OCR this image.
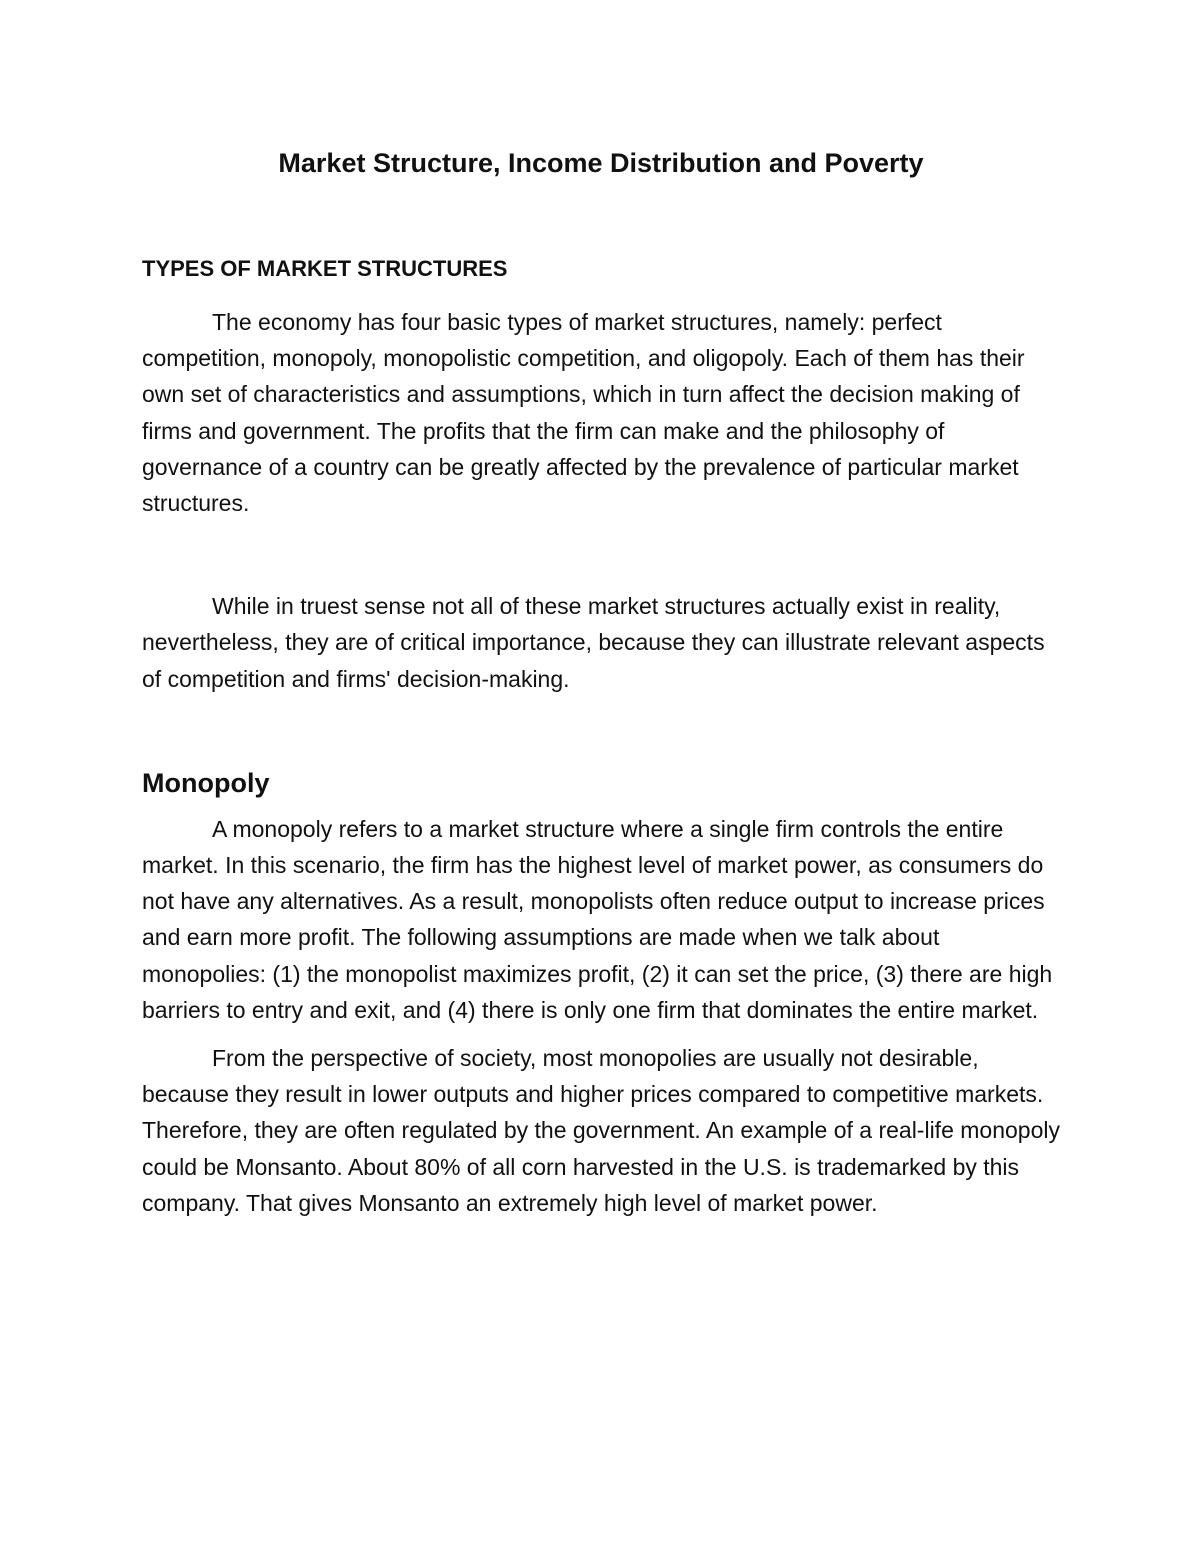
Market Structure, Income Distribution and Poverty
TYPES OF MARKET STRUCTURES

The economy has four basic types of market structures, namely: perfect competition, monopoly, monopolistic competition, and oligopoly. Each of them has their own set of characteristics and assumptions, which in turn affect the decision making of firms and government. The profits that the firm can make and the philosophy of governance of a country can be greatly affected by the prevalence of particular market structures.

While in truest sense not all of these market structures actually exist in reality, nevertheless, they are of critical importance, because they can illustrate relevant aspects of competition and firms' decision-making.

Monopoly

A monopoly refers to a market structure where a single firm controls the entire market. In this scenario, the firm has the highest level of market power, as consumers do not have any alternatives. As a result, monopolists often reduce output to increase prices and earn more profit. The following assumptions are made when we talk about monopolies: (1) the monopolist maximizes profit, (2) it can set the price, (3) there are high barriers to entry and exit, and (4) there is only one firm that dominates the entire market.

From the perspective of society, most monopolies are usually not desirable, because they result in lower outputs and higher prices compared to competitive markets. Therefore, they are often regulated by the government. An example of a real-life monopoly could be Monsanto. About 80% of all corn harvested in the U.S. is trademarked by this company. That gives Monsanto an extremely high level of market power.
